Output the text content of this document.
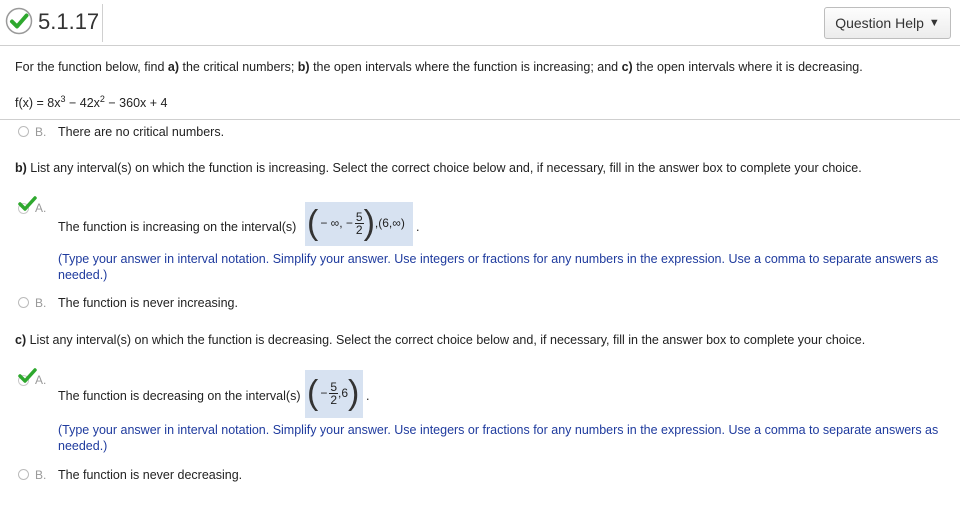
5.1.17	Question Help ▼
For the function below, find a) the critical numbers; b) the open intervals where the function is increasing; and c) the open intervals where it is decreasing.
$f(x) = 8x^3 - 42x^2 - 360x + 4$
B. There are no critical numbers.
b) List any interval(s) on which the function is increasing. Select the correct choice below and, if necessary, fill in the answer box to complete your choice.
A.
The function is increasing on the interval(s) ( − ∞, − $\frac{5}{2}$ ) ,(6,∞) .
(Type your answer in interval notation. Simplify your answer. Use integers or fractions for any numbers in the expression. Use a comma to separate answers as
needed.)
B. The function is never increasing.
c) List any interval(s) on which the function is decreasing. Select the correct choice below and, if necessary, fill in the answer box to complete your choice.
A.
The function is decreasing on the interval(s) ( − $\frac{5}{2} ,6$ ) .
(Type your answer in interval notation. Simplify your answer. Use integers or fractions for any numbers in the expression. Use a comma to separate answers as
needed.)
B. The function is never decreasing.
